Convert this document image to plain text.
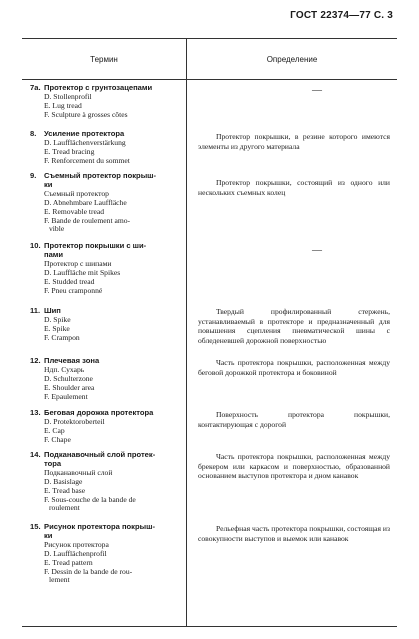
ГОСТ 22374—77 С. 3
Термин	Определение
7а. Протектор с грунтозацепами
D. Stollenprofil
E. Lug tread
F. Sculpture à grosses côtes
—
8. Усиление протектора
D. Laufflächenverstärkung
E. Tread bracing
F. Renforcement du sommet
Протектор покрышки, в резине которого имеются элементы из другого материала
9. Съемный протектор покрыш-
ки
Съемный протектор
D. Abnehmbare Lauffläche
E. Removable tread
F. Bande de roulement amo-
vible
Протектор покрышки, состоящий из одного или нескольких съемных колец
10. Протектор покрышки с ши-
пами
Протектор с шипами
D. Lauffläche mit Spikes
E. Studded tread
F. Pneu cramponné
—
11. Шип
D. Spike
E. Spike
F. Crampon
Твердый профилированный стержень, устанавливаемый в протекторе и предназначенный для повышения сцепления пневматической шины с обледеневшей дорожной поверхностью
12. Плечевая зона
Ндп. Сухарь
D. Schulterzone
E. Shoulder area
F. Epaulement
Часть протектора покрышки, расположенная между беговой дорожкой протектора и боковиной
13. Беговая дорожка протектора
D. Protektoroberteil
E. Cap
F. Chape
Поверхность протектора покрышки, контактирующая с дорогой
14. Подканавочный слой протек-
тора
Подканавочный слой
D. Basislage
E. Tread base
F. Sous-couche de la bande de
roulement
Часть протектора покрышки, расположенная между брекером или каркасом и поверхностью, образованной основанием выступов протектора и дном канавок
15. Рисунок протектора покрыш-
ки
Рисунок протектора
D. Laufflächenprofil
E. Tread pattern
F. Dessin de la bande de rou-
lement
Рельефная часть протектора покрышки, состоящая из совокупности выступов и выемок или канавок
